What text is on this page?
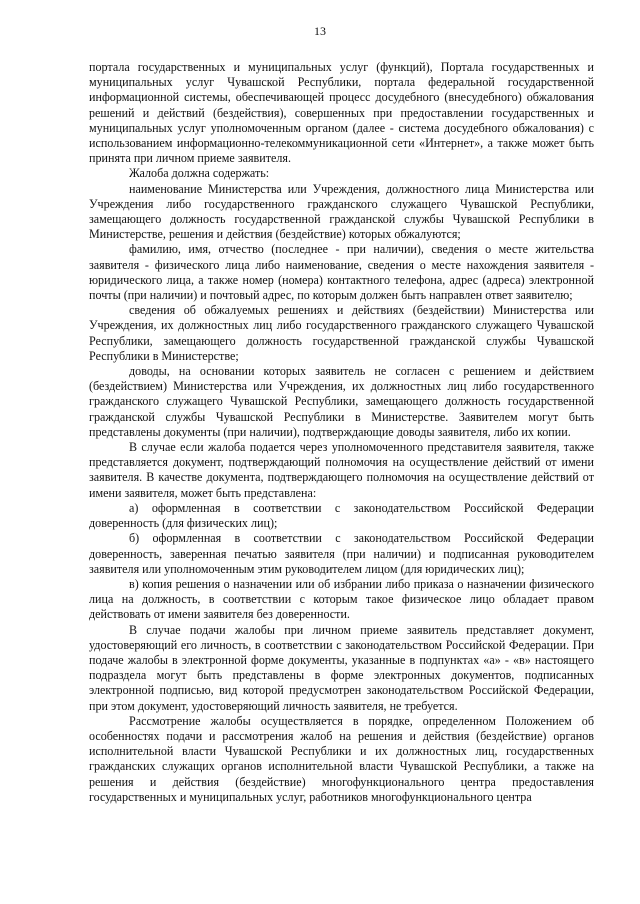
13

портала государственных и муниципальных услуг (функций), Портала государственных и муниципальных услуг Чувашской Республики, портала федеральной государственной информационной системы, обеспечивающей процесс досудебного (внесудебного) обжалования решений и действий (бездействия), совершенных при предоставлении государственных и муниципальных услуг уполномоченным органом (далее - система досудебного обжалования) с использованием информационно-телекоммуникационной сети «Интернет», а также может быть принята при личном приеме заявителя.

Жалоба должна содержать:

наименование Министерства или Учреждения, должностного лица Министерства или Учреждения либо государственного гражданского служащего Чувашской Республики, замещающего должность государственной гражданской службы Чувашской Республики в Министерстве, решения и действия (бездействие) которых обжалуются;

фамилию, имя, отчество (последнее - при наличии), сведения о месте жительства заявителя - физического лица либо наименование, сведения о месте нахождения заявителя - юридического лица, а также номер (номера) контактного телефона, адрес (адреса) электронной почты (при наличии) и почтовый адрес, по которым должен быть направлен ответ заявителю;

сведения об обжалуемых решениях и действиях (бездействии) Министерства или Учреждения, их должностных лиц либо государственного гражданского служащего Чувашской Республики, замещающего должность государственной гражданской службы Чувашской Республики в Министерстве;

доводы, на основании которых заявитель не согласен с решением и действием (бездействием) Министерства или Учреждения, их должностных лиц либо государственного гражданского служащего Чувашской Республики, замещающего должность государственной гражданской службы Чувашской Республики в Министерстве. Заявителем могут быть представлены документы (при наличии), подтверждающие доводы заявителя, либо их копии.

В случае если жалоба подается через уполномоченного представителя заявителя, также представляется документ, подтверждающий полномочия на осуществление действий от имени заявителя. В качестве документа, подтверждающего полномочия на осуществление действий от имени заявителя, может быть представлена:

а) оформленная в соответствии с законодательством Российской Федерации доверенность (для физических лиц);

б) оформленная в соответствии с законодательством Российской Федерации доверенность, заверенная печатью заявителя (при наличии) и подписанная руководителем заявителя или уполномоченным этим руководителем лицом (для юридических лиц);

в) копия решения о назначении или об избрании либо приказа о назначении физического лица на должность, в соответствии с которым такое физическое лицо обладает правом действовать от имени заявителя без доверенности.

В случае подачи жалобы при личном приеме заявитель представляет документ, удостоверяющий его личность, в соответствии с законодательством Российской Федерации. При подаче жалобы в электронной форме документы, указанные в подпунктах «а» - «в» настоящего подраздела могут быть представлены в форме электронных документов, подписанных электронной подписью, вид которой предусмотрен законодательством Российской Федерации, при этом документ, удостоверяющий личность заявителя, не требуется.

Рассмотрение жалобы осуществляется в порядке, определенном Положением об особенностях подачи и рассмотрения жалоб на решения и действия (бездействие) органов исполнительной власти Чувашской Республики и их должностных лиц, государственных гражданских служащих органов исполнительной власти Чувашской Республики, а также на решения и действия (бездействие) многофункционального центра предоставления государственных и муниципальных услуг, работников многофункционального центра
